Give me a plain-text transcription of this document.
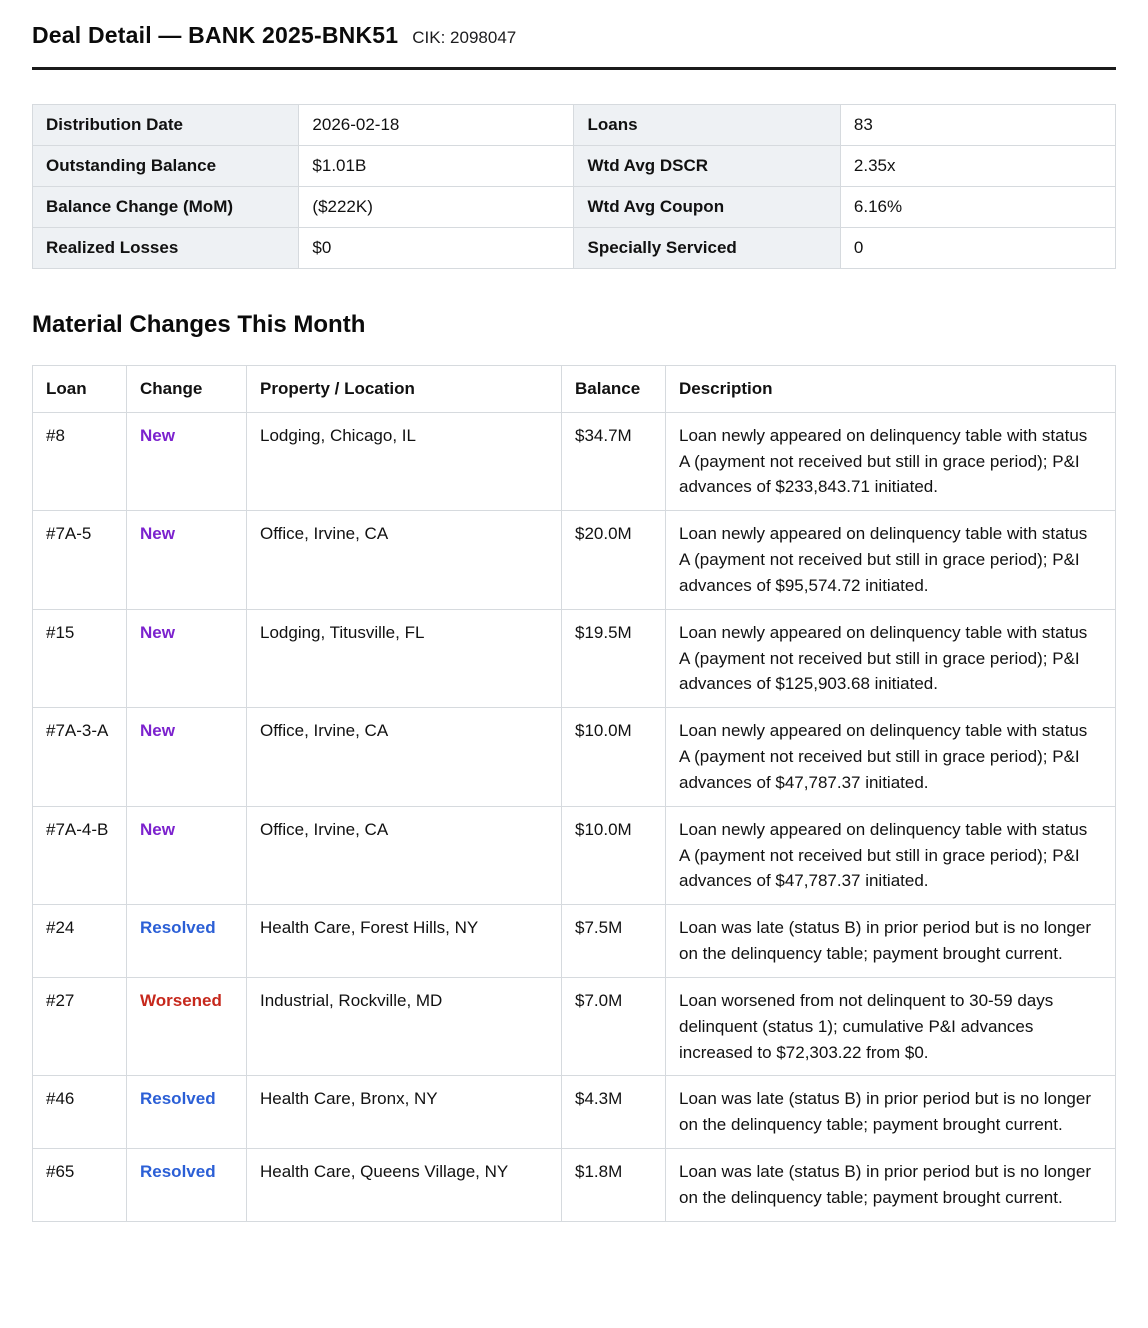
Deal Detail — BANK 2025-BNK51 CIK: 2098047
Distribution Date	2026-02-18	Loans	83
Outstanding Balance	$1.01B	Wtd Avg DSCR	2.35x
Balance Change (MoM)	($222K)	Wtd Avg Coupon	6.16%
Realized Losses	$0	Specially Serviced	0
Material Changes This Month
Loan	Change	Property / Location	Balance	Description
#8	New	Lodging, Chicago, IL	$34.7M	Loan newly appeared on delinquency table with status A (payment not received but still in grace period); P&I advances of $233,843.71 initiated.
#7A-5	New	Office, Irvine, CA	$20.0M	Loan newly appeared on delinquency table with status A (payment not received but still in grace period); P&I advances of $95,574.72 initiated.
#15	New	Lodging, Titusville, FL	$19.5M	Loan newly appeared on delinquency table with status A (payment not received but still in grace period); P&I advances of $125,903.68 initiated.
#7A-3-A	New	Office, Irvine, CA	$10.0M	Loan newly appeared on delinquency table with status A (payment not received but still in grace period); P&I advances of $47,787.37 initiated.
#7A-4-B	New	Office, Irvine, CA	$10.0M	Loan newly appeared on delinquency table with status A (payment not received but still in grace period); P&I advances of $47,787.37 initiated.
#24	Resolved	Health Care, Forest Hills, NY	$7.5M	Loan was late (status B) in prior period but is no longer on the delinquency table; payment brought current.
#27	Worsened	Industrial, Rockville, MD	$7.0M	Loan worsened from not delinquent to 30-59 days delinquent (status 1); cumulative P&I advances increased to $72,303.22 from $0.
#46	Resolved	Health Care, Bronx, NY	$4.3M	Loan was late (status B) in prior period but is no longer on the delinquency table; payment brought current.
#65	Resolved	Health Care, Queens Village, NY	$1.8M	Loan was late (status B) in prior period but is no longer on the delinquency table; payment brought current.
